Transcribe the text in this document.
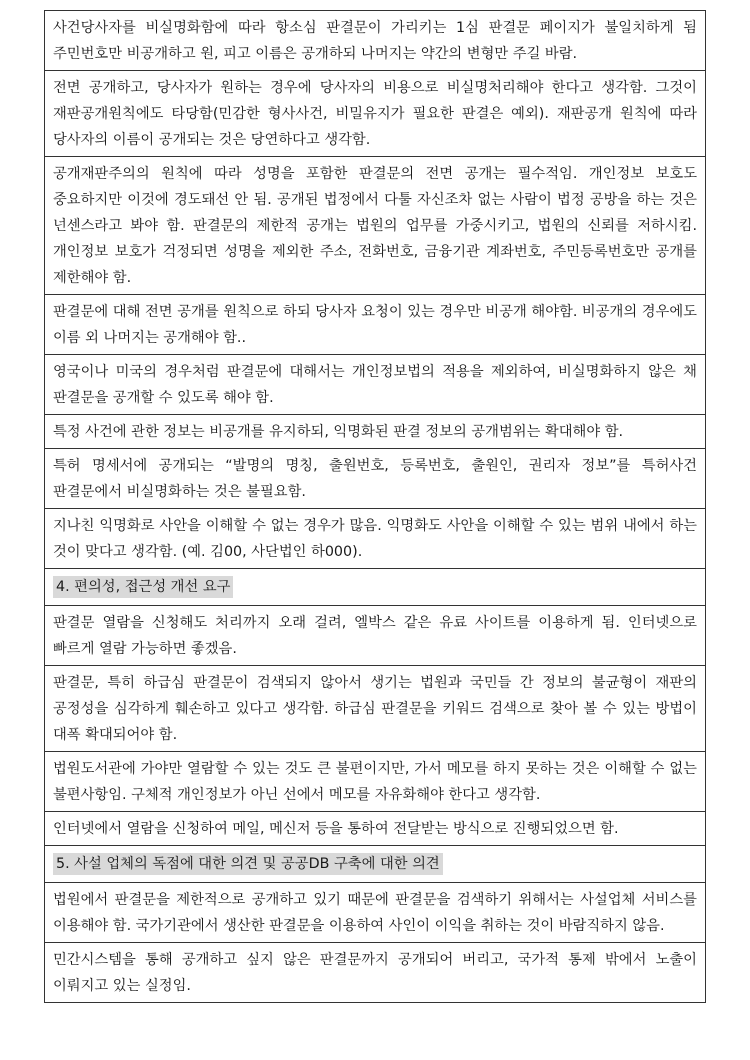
사건당사자를 비실명화함에 따라 항소심 판결문이 가리키는 1심 판결문 페이지가 불일치하게 됨 주민번호만 비공개하고 원, 피고 이름은 공개하되 나머지는 약간의 변형만 주길 바람.
전면 공개하고, 당사자가 원하는 경우에 당사자의 비용으로 비실명처리해야 한다고 생각함. 그것이 재판공개원칙에도 타당함(민감한 형사사건, 비밀유지가 필요한 판결은 예외). 재판공개 원칙에 따라 당사자의 이름이 공개되는 것은 당연하다고 생각함.
공개재판주의의 원칙에 따라 성명을 포함한 판결문의 전면 공개는 필수적임. 개인정보 보호도 중요하지만 이것에 경도돼선 안 됨. 공개된 법정에서 다툴 자신조차 없는 사람이 법정 공방을 하는 것은 넌센스라고 봐야 함. 판결문의 제한적 공개는 법원의 업무를 가중시키고, 법원의 신뢰를 저하시킴. 개인정보 보호가 걱정되면 성명을 제외한 주소, 전화번호, 금융기관 계좌번호, 주민등록번호만 공개를 제한해야 함.
판결문에 대해 전면 공개를 원칙으로 하되 당사자 요청이 있는 경우만 비공개 해야함. 비공개의 경우에도 이름 외 나머지는 공개해야 함..
영국이나 미국의 경우처럼 판결문에 대해서는 개인정보법의 적용을 제외하여, 비실명화하지 않은 채 판결문을 공개할 수 있도록 해야 함.
특정 사건에 관한 정보는 비공개를 유지하되, 익명화된 판결 정보의 공개범위는 확대해야 함.
특허 명세서에 공개되는 “발명의 명칭, 출원번호, 등록번호, 출원인, 권리자 정보”를 특허사건 판결문에서 비실명화하는 것은 불필요함.
지나친 익명화로 사안을 이해할 수 없는 경우가 많음. 익명화도 사안을 이해할 수 있는 범위 내에서 하는 것이 맞다고 생각함. (예. 김00, 사단법인 하000).
4. 편의성, 접근성 개선 요구
판결문 열람을 신청해도 처리까지 오래 걸려, 엘박스 같은 유료 사이트를 이용하게 됨. 인터넷으로 빠르게 열람 가능하면 좋겠음.
판결문, 특히 하급심 판결문이 검색되지 않아서 생기는 법원과 국민들 간 정보의 불균형이 재판의 공정성을 심각하게 훼손하고 있다고 생각함. 하급심 판결문을 키워드 검색으로 찾아 볼 수 있는 방법이 대폭 확대되어야 함.
법원도서관에 가야만 열람할 수 있는 것도 큰 불편이지만, 가서 메모를 하지 못하는 것은 이해할 수 없는 불편사항임. 구체적 개인정보가 아닌 선에서 메모를 자유화해야 한다고 생각함.
인터넷에서 열람을 신청하여 메일, 메신저 등을 통하여 전달받는 방식으로 진행되었으면 함.
5. 사설 업체의 독점에 대한 의견 및 공공DB 구축에 대한 의견
법원에서 판결문을 제한적으로 공개하고 있기 때문에 판결문을 검색하기 위해서는 사설업체 서비스를 이용해야 함. 국가기관에서 생산한 판결문을 이용하여 사인이 이익을 취하는 것이 바람직하지 않음.
민간시스템을 통해 공개하고 싶지 않은 판결문까지 공개되어 버리고, 국가적 통제 밖에서 노출이 이뤄지고 있는 실정임.
